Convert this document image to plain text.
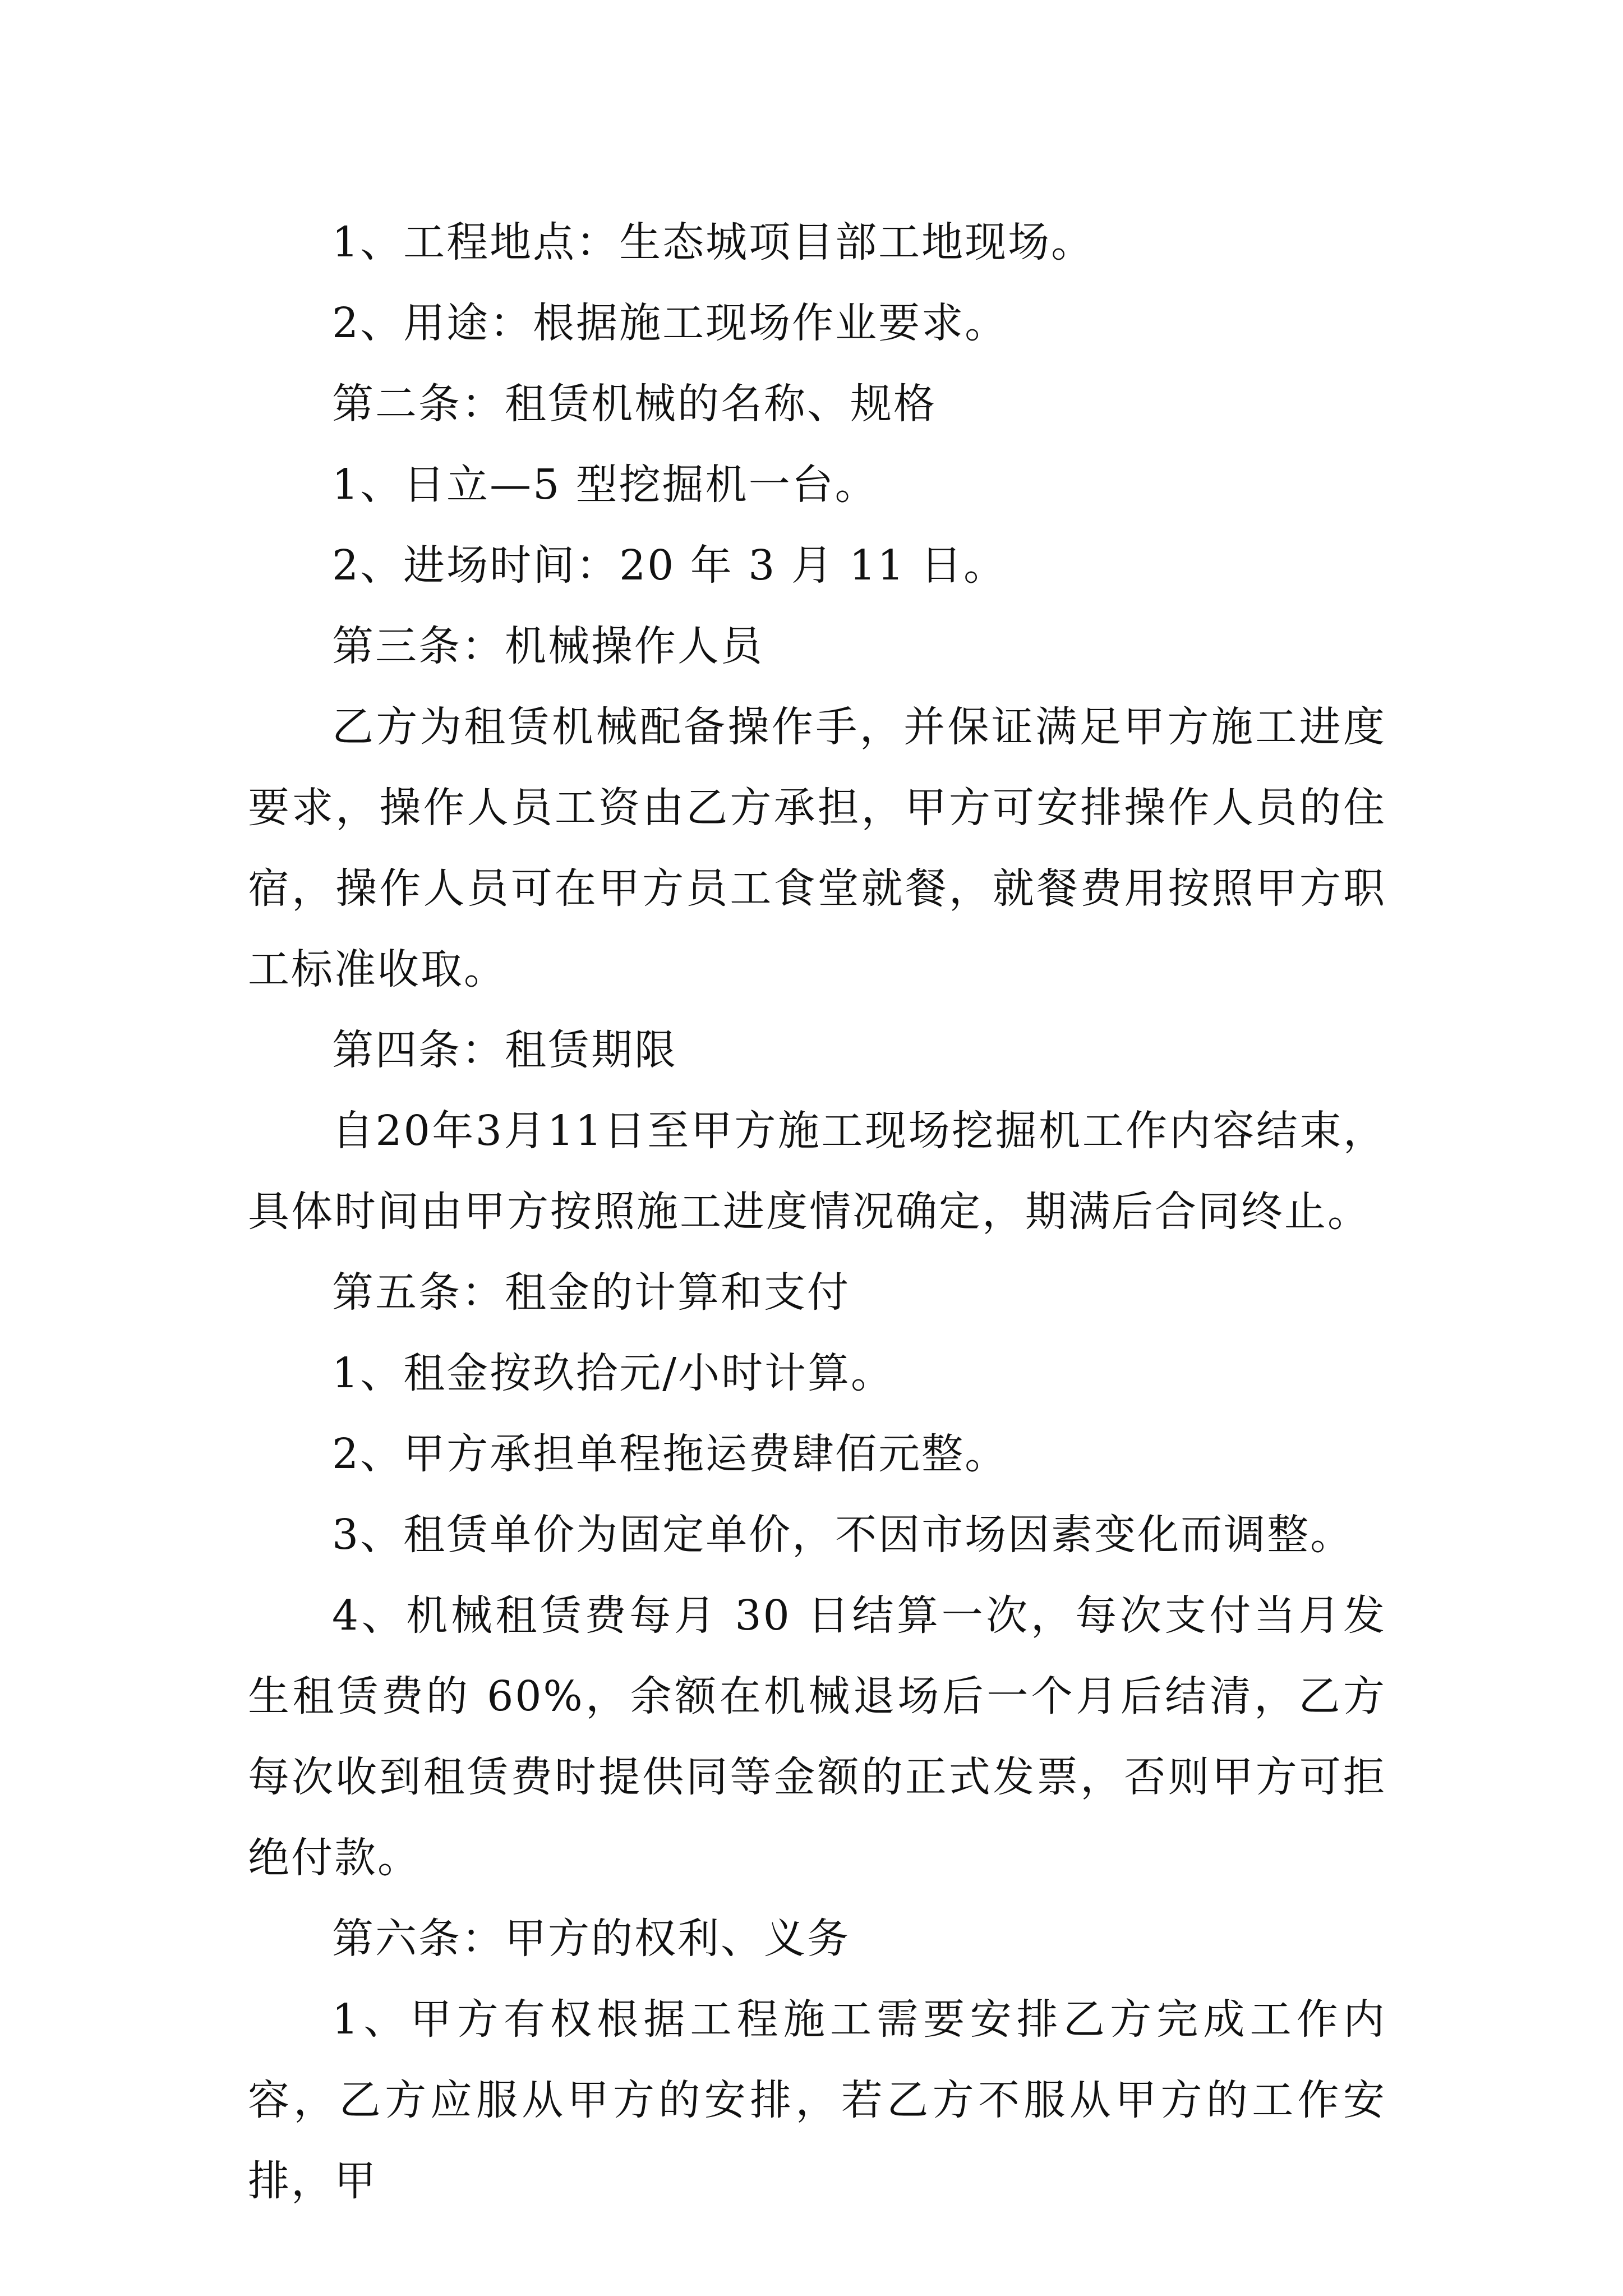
1、工程地点：生态城项目部工地现场。

2、用途：根据施工现场作业要求。

第二条：租赁机械的名称、规格

1、日立—5 型挖掘机一台。

2、进场时间：20 年 3 月 11 日。

第三条：机械操作人员

乙方为租赁机械配备操作手，并保证满足甲方施工进度要求，操作人员工资由乙方承担，甲方可安排操作人员的住宿，操作人员可在甲方员工食堂就餐，就餐费用按照甲方职工标准收取。

第四条：租赁期限

自20年3月11日至甲方施工现场挖掘机工作内容结束，具体时间由甲方按照施工进度情况确定，期满后合同终止。

第五条：租金的计算和支付

1、租金按玖拾元/小时计算。

2、甲方承担单程拖运费肆佰元整。

3、租赁单价为固定单价，不因市场因素变化而调整。

4、机械租赁费每月 30 日结算一次，每次支付当月发生租赁费的 60%，余额在机械退场后一个月后结清，乙方每次收到租赁费时提供同等金额的正式发票，否则甲方可拒绝付款。

第六条：甲方的权利、义务

1、甲方有权根据工程施工需要安排乙方完成工作内容，乙方应服从甲方的安排，若乙方不服从甲方的工作安排，甲
